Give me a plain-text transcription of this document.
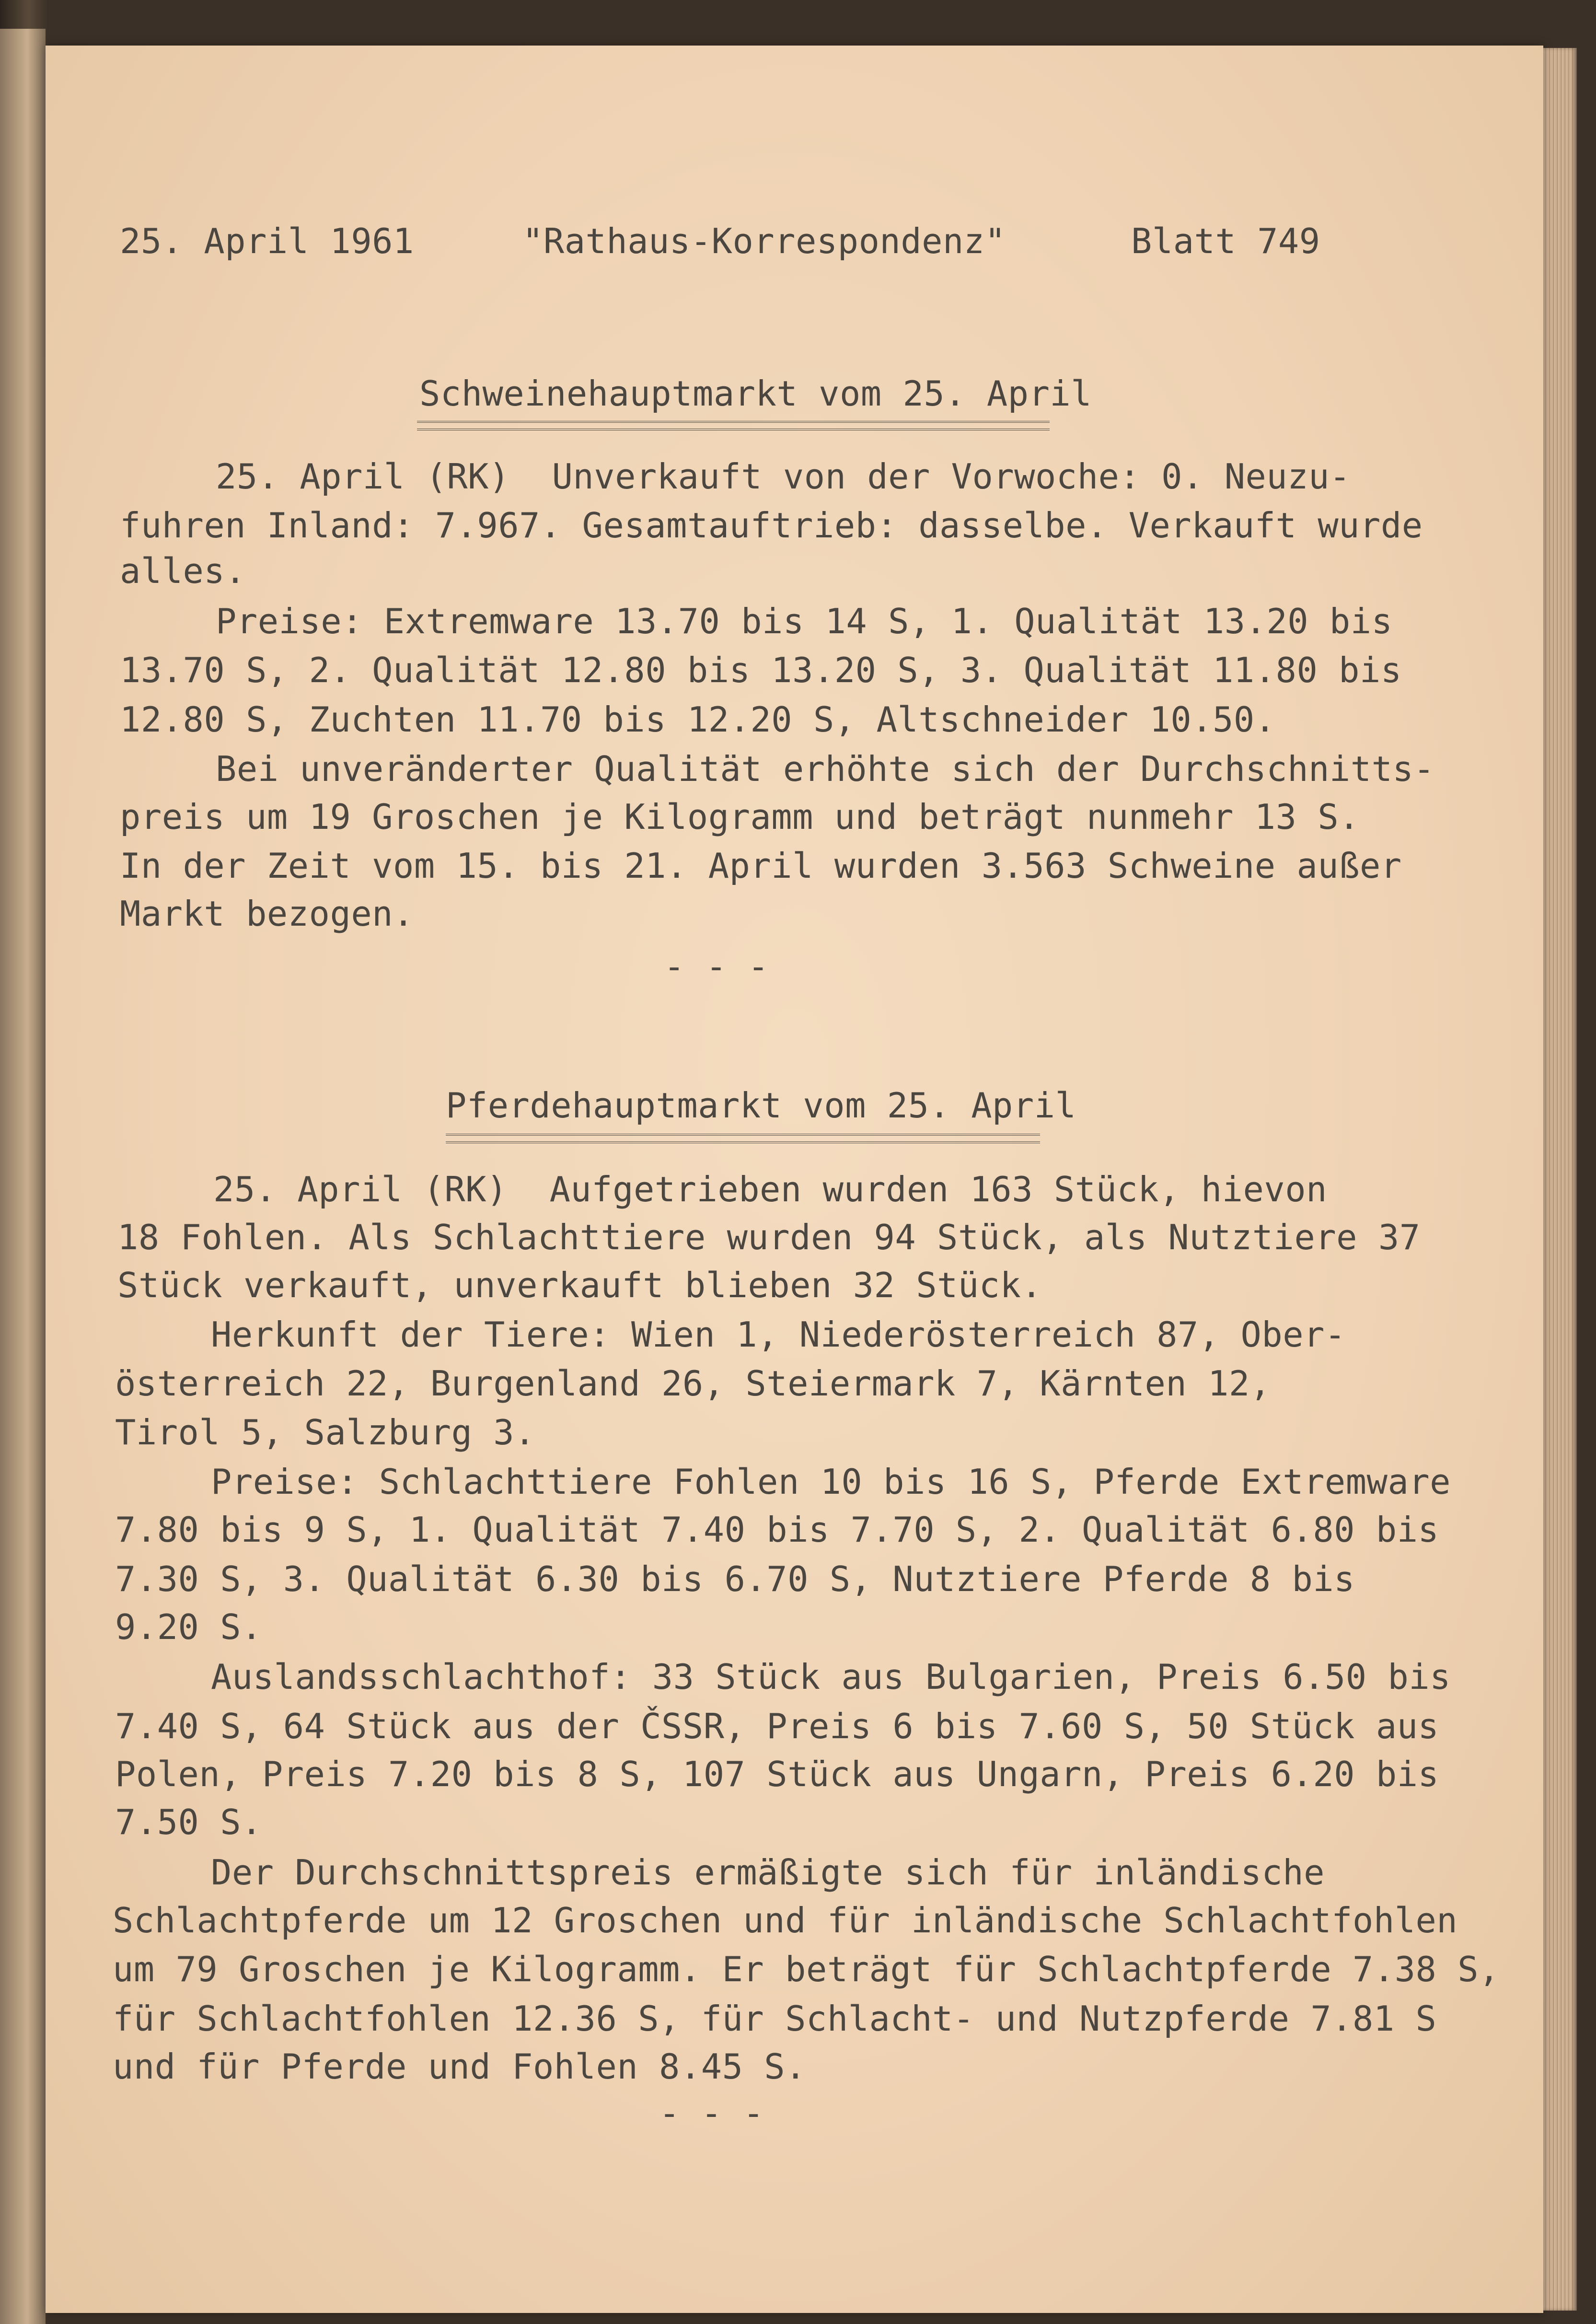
25. April 1961	"Rathaus-Korrespondenz"	Blatt 749
Schweinehauptmarkt vom 25. April
25. April (RK)  Unverkauft von der Vorwoche: 0. Neuzu-
fuhren Inland: 7.967. Gesamtauftrieb: dasselbe. Verkauft wurde
alles.
Preise: Extremware 13.70 bis 14 S, 1. Qualität 13.20 bis
13.70 S, 2. Qualität 12.80 bis 13.20 S, 3. Qualität 11.80 bis
12.80 S, Zuchten 11.70 bis 12.20 S, Altschneider 10.50.
Bei unveränderter Qualität erhöhte sich der Durchschnitts-
preis um 19 Groschen je Kilogramm und beträgt nunmehr 13 S.
In der Zeit vom 15. bis 21. April wurden 3.563 Schweine außer
Markt bezogen.
- - -
Pferdehauptmarkt vom 25. April
25. April (RK)  Aufgetrieben wurden 163 Stück, hievon
18 Fohlen. Als Schlachttiere wurden 94 Stück, als Nutztiere 37
Stück verkauft, unverkauft blieben 32 Stück.
Herkunft der Tiere: Wien 1, Niederösterreich 87, Ober-
österreich 22, Burgenland 26, Steiermark 7, Kärnten 12,
Tirol 5, Salzburg 3.
Preise: Schlachttiere Fohlen 10 bis 16 S, Pferde Extremware
7.80 bis 9 S, 1. Qualität 7.40 bis 7.70 S, 2. Qualität 6.80 bis
7.30 S, 3. Qualität 6.30 bis 6.70 S, Nutztiere Pferde 8 bis
9.20 S.
Auslandsschlachthof: 33 Stück aus Bulgarien, Preis 6.50 bis
7.40 S, 64 Stück aus der ČSSR, Preis 6 bis 7.60 S, 50 Stück aus
Polen, Preis 7.20 bis 8 S, 107 Stück aus Ungarn, Preis 6.20 bis
7.50 S.
Der Durchschnittspreis ermäßigte sich für inländische
Schlachtpferde um 12 Groschen und für inländische Schlachtfohlen
um 79 Groschen je Kilogramm. Er beträgt für Schlachtpferde 7.38 S,
für Schlachtfohlen 12.36 S, für Schlacht- und Nutzpferde 7.81 S
und für Pferde und Fohlen 8.45 S.
- - -
